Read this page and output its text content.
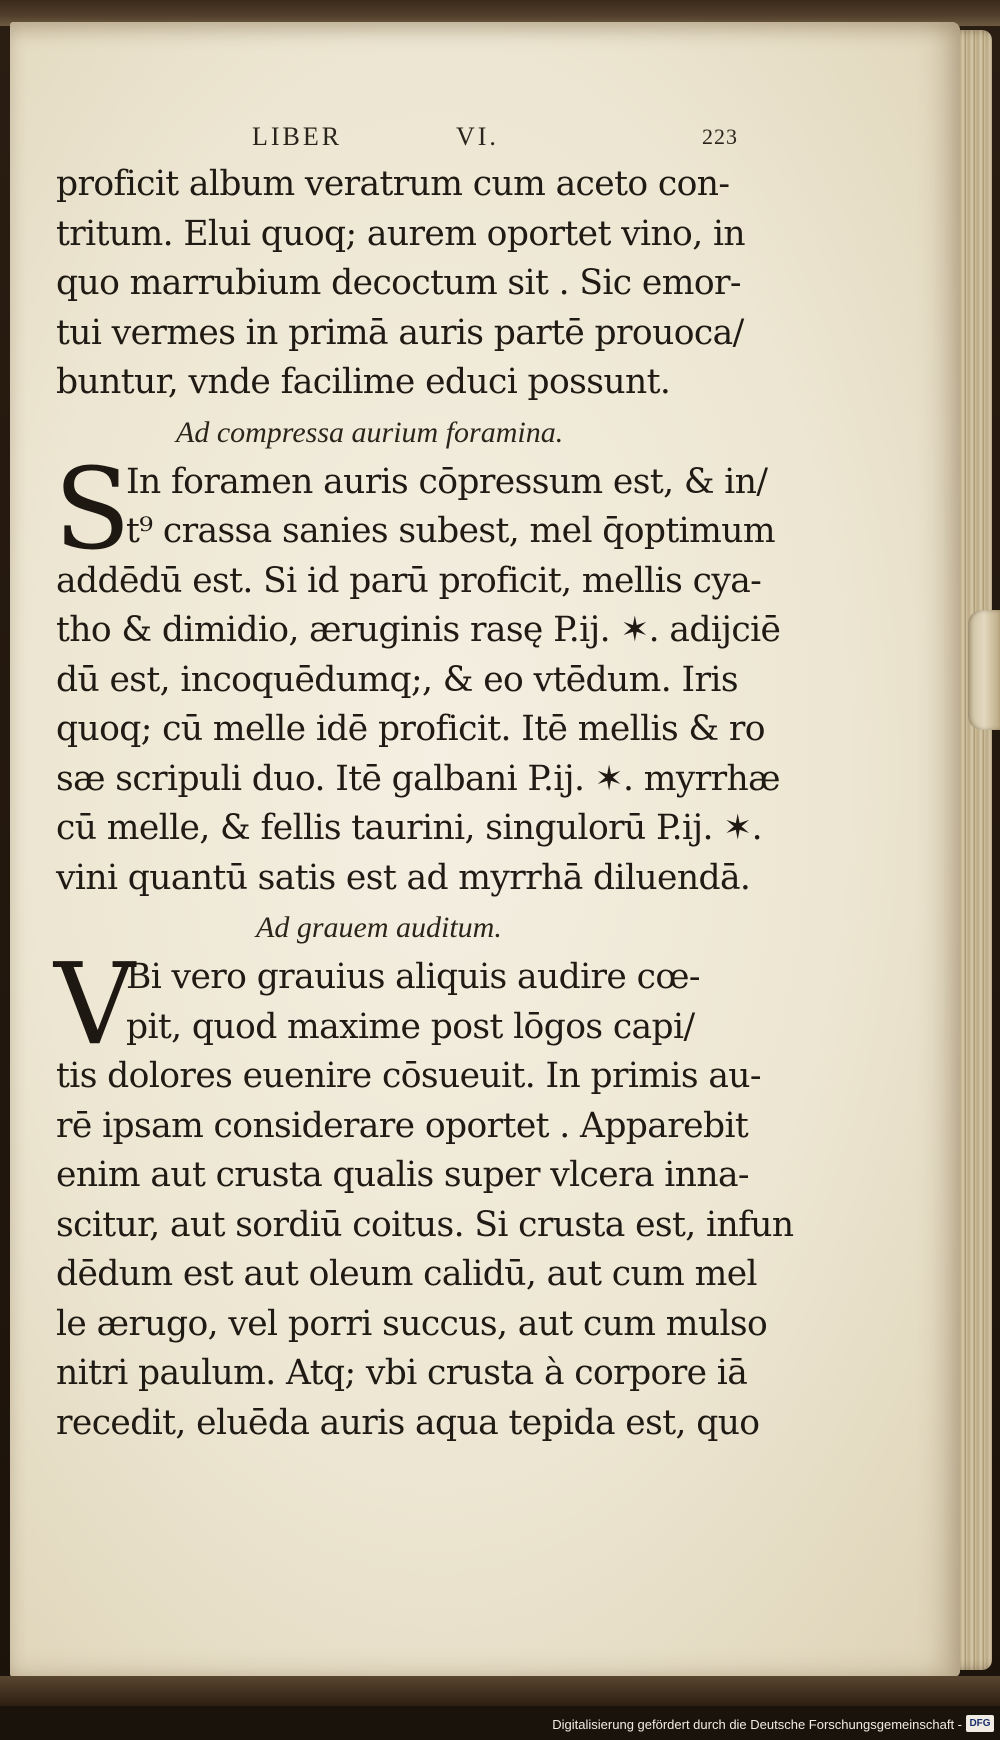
LIBER	VI.	223
proficit album veratrum cum aceto con-
tritum. Elui quoq; aurem oportet vino, in
quo marrubium decoctum sit . Sic emor-
tui vermes in primā auris partē prouoca/
buntur, vnde facilime educi possunt.
Ad compressa aurium foramina.
S
In foramen auris cōpressum est, & in/
t⁹ crassa sanies subest, mel q̄optimum
addēdū est. Si id parū proficit, mellis cya-
tho & dimidio, æruginis rasę P.ij. ✶. adijciē
dū est, incoquēdumq;, & eo vtēdum. Iris
quoq; cū melle idē proficit. Itē mellis & ro
sæ scripuli duo. Itē galbani P.ij. ✶. myrrhæ
cū melle, & fellis taurini, singulorū P.ij. ✶.
vini quantū satis est ad myrrhā diluendā.
Ad grauem auditum.
V
Bi vero grauius aliquis audire cœ-
pit, quod maxime post lōgos capi/
tis dolores euenire cōsueuit. In primis au-
rē ipsam considerare oportet . Apparebit
enim aut crusta qualis super vlcera inna-
scitur, aut sordiū coitus. Si crusta est, infun
dēdum est aut oleum calidū, aut cum mel
le ærugo, vel porri succus, aut cum mulso
nitri paulum. Atq; vbi crusta à corpore iā
recedit, eluēda auris aqua tepida est, quo
Digitalisierung gefördert durch die Deutsche Forschungsgemeinschaft - DFG
